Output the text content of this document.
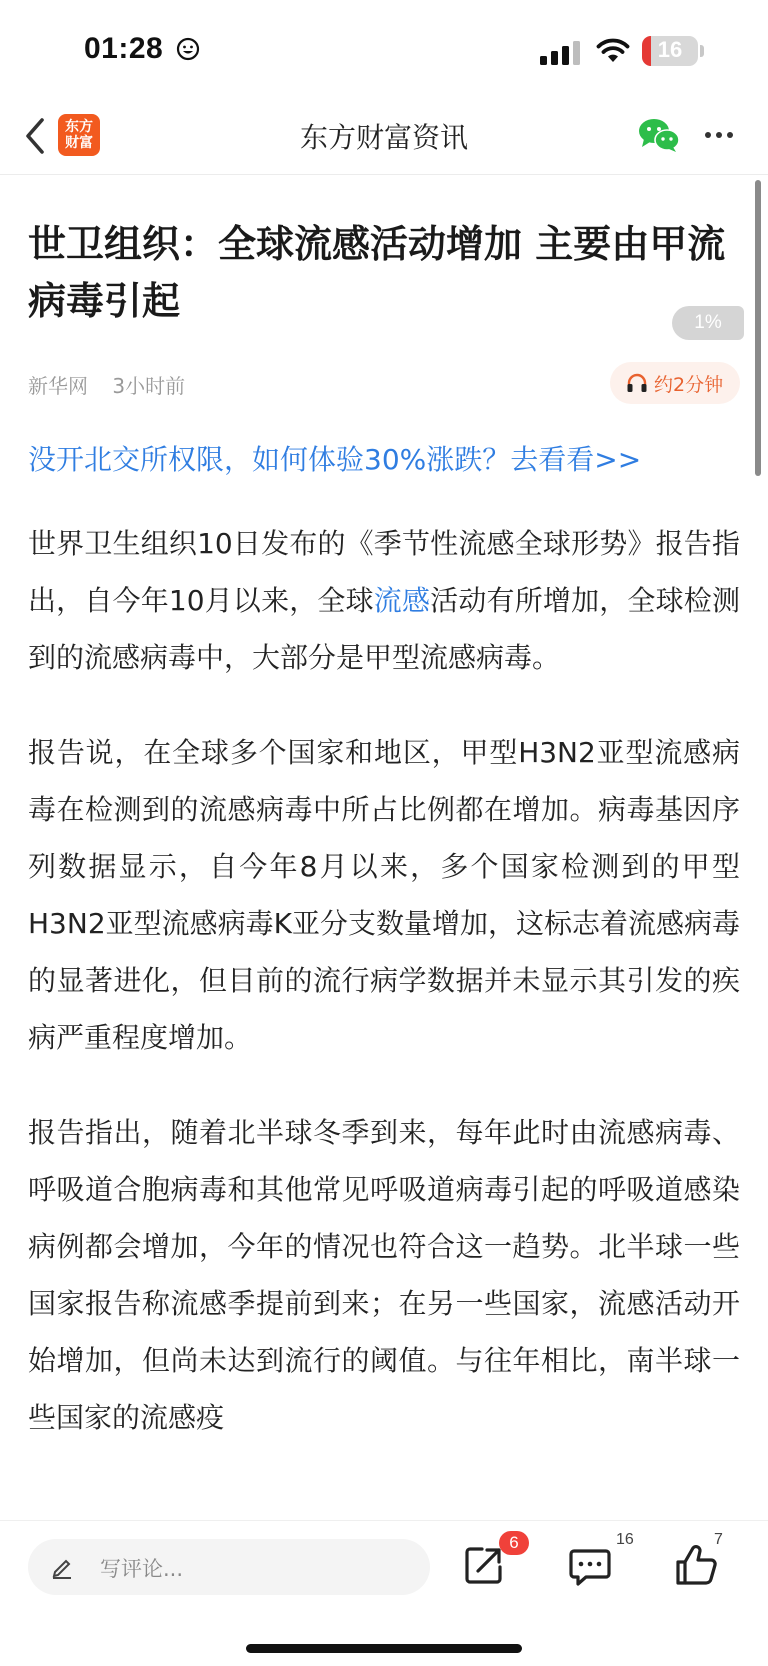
01:28	16
东方
财富	东方财富资讯
1%
世卫组织：全球流感活动增加 主要由甲流病毒引起
新华网 3小时前	约2分钟
没开北交所权限，如何体验30%涨跌？去看看>>

世界卫生组织10日发布的《季节性流感全球形势》报告指出，自今年10月以来，全球流感活动有所增加，全球检测到的流感病毒中，大部分是甲型流感病毒。

报告说，在全球多个国家和地区，甲型H3N2亚型流感病毒在检测到的流感病毒中所占比例都在增加。病毒基因序列数据显示，自今年8月以来，多个国家检测到的甲型H3N2亚型流感病毒K亚分支数量增加，这标志着流感病毒的显著进化，但目前的流行病学数据并未显示其引发的疾病严重程度增加。

报告指出，随着北半球冬季到来，每年此时由流感病毒、呼吸道合胞病毒和其他常见呼吸道病毒引起的呼吸道感染病例都会增加，今年的情况也符合这一趋势。北半球一些国家报告称流感季提前到来；在另一些国家，流感活动开始增加，但尚未达到流行的阈值。与往年相比，南半球一些国家的流感疫

写评论...
6	16	7
